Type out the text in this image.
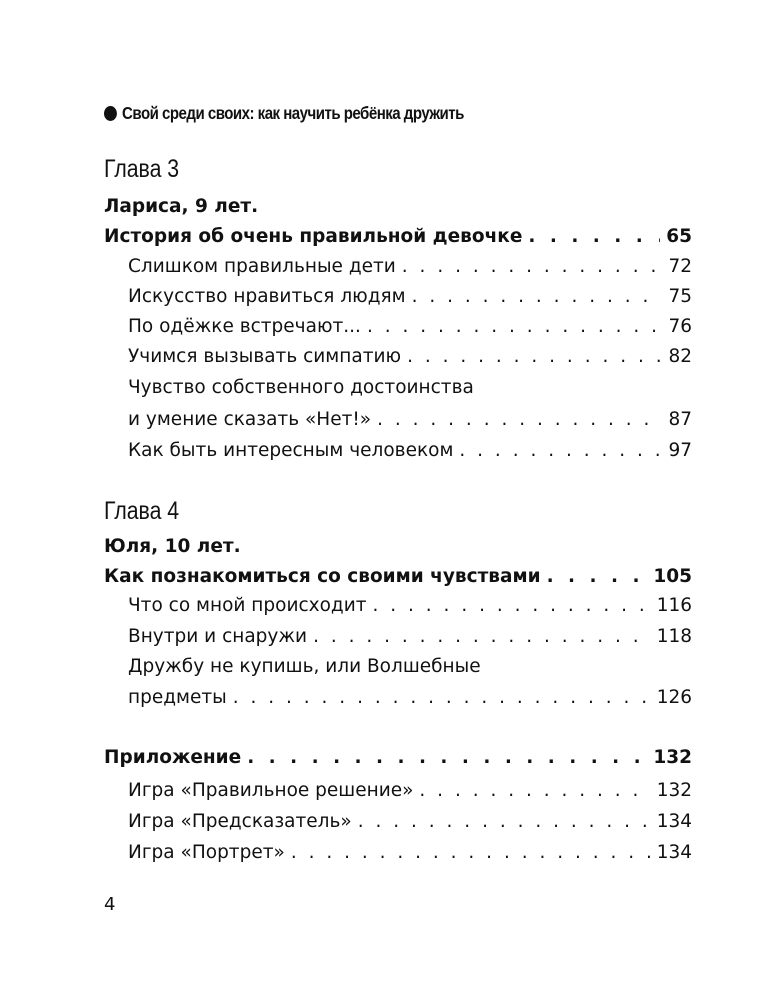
Свой среди своих: как научить ребёнка дружить
Глава 3
Лариса, 9 лет.
История об очень правильной девочке . . .	65
Слишком правильные дети . . .	72
Искусство нравиться людям . . .	75
По одёжке встречают... . . .	76
Учимся вызывать симпатию . . .	82
Чувство собственного достоинства
и умение сказать «Нет!» . . .	87
Как быть интересным человеком . . .	97
Глава 4
Юля, 10 лет.
Как познакомиться со своими чувствами . . .	105
Что со мной происходит . . .	116
Внутри и снаружи . . .	118
Дружбу не купишь, или Волшебные
предметы . . .	126
Приложение . . .	132
Игра «Правильное решение» . . .	132
Игра «Предсказатель» . . .	134
Игра «Портрет» . . .	134
4
